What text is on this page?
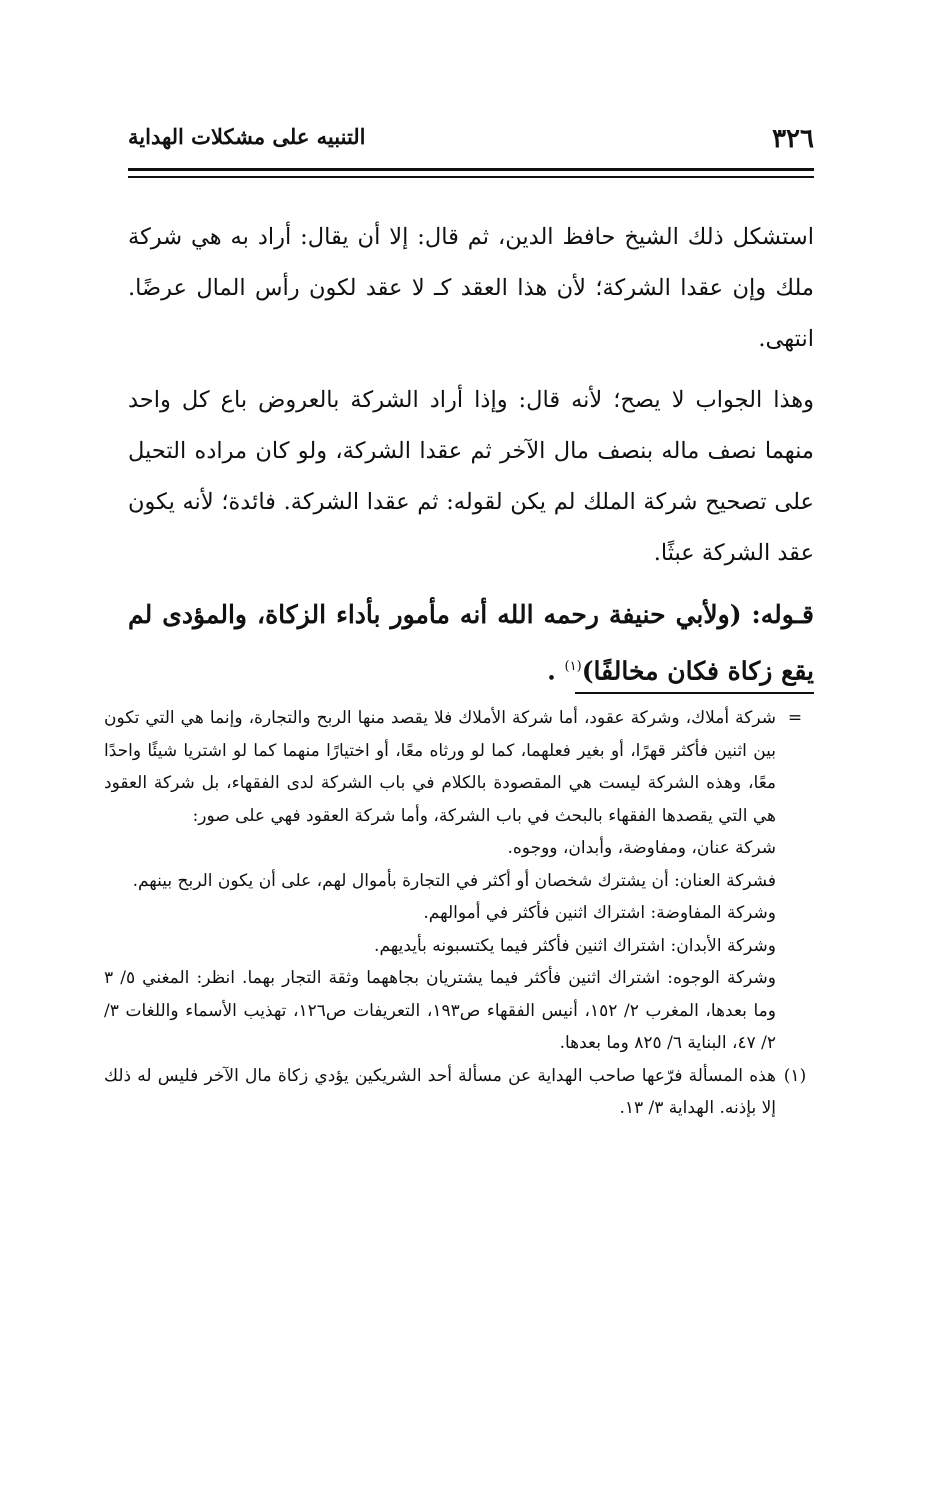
٣٢٦
التنبيه على مشكلات الهداية

استشكل ذلك الشيخ حافظ الدين، ثم قال: إلا أن يقال: أراد به هي شركة ملك وإن عقدا الشركة؛ لأن هذا العقد كـ لا عقد لكون رأس المال عرضًا. انتهى.

وهذا الجواب لا يصح؛ لأنه قال: وإذا أراد الشركة بالعروض باع كل واحد منهما نصف ماله بنصف مال الآخر ثم عقدا الشركة، ولو كان مراده التحيل على تصحيح شركة الملك لم يكن لقوله: ثم عقدا الشركة. فائدة؛ لأنه يكون عقد الشركة عبثًا.

قـوله: (ولأبي حنيفة رحمه الله أنه مأمور بأداء الزكاة، والمؤدى لم يقع زكاة فكان مخالفًا)$^{(١)}$ .

=شركة أملاك، وشركة عقود، أما شركة الأملاك فلا يقصد منها الربح والتجارة، وإنما هي التي تكون بين اثنين فأكثر قهرًا، أو بغير فعلهما، كما لو ورثاه معًا، أو اختيارًا منهما كما لو اشتريا شيئًا واحدًا معًا، وهذه الشركة ليست هي المقصودة بالكلام في باب الشركة لدى الفقهاء، بل شركة العقود هي التي يقصدها الفقهاء بالبحث في باب الشركة، وأما شركة العقود فهي على صور:

شركة عنان، ومفاوضة، وأبدان، ووجوه.

فشركة العنان: أن يشترك شخصان أو أكثر في التجارة بأموال لهم، على أن يكون الربح بينهم.

وشركة المفاوضة: اشتراك اثنين فأكثر في أموالهم.

وشركة الأبدان: اشتراك اثنين فأكثر فيما يكتسبونه بأيديهم.

وشركة الوجوه: اشتراك اثنين فأكثر فيما يشتريان بجاههما وثقة التجار بهما. انظر: المغني ٥/ ٣ وما بعدها، المغرب ٢/ ١٥٢، أنيس الفقهاء ص١٩٣، التعريفات ص١٢٦، تهذيب الأسماء واللغات ٣/ ٢/ ٤٧، البناية ٦/ ٨٢٥ وما بعدها.

(١)هذه المسألة فرّعها صاحب الهداية عن مسألة أحد الشريكين يؤدي زكاة مال الآخر فليس له ذلك إلا بإذنه. الهداية ٣/ ١٣.
